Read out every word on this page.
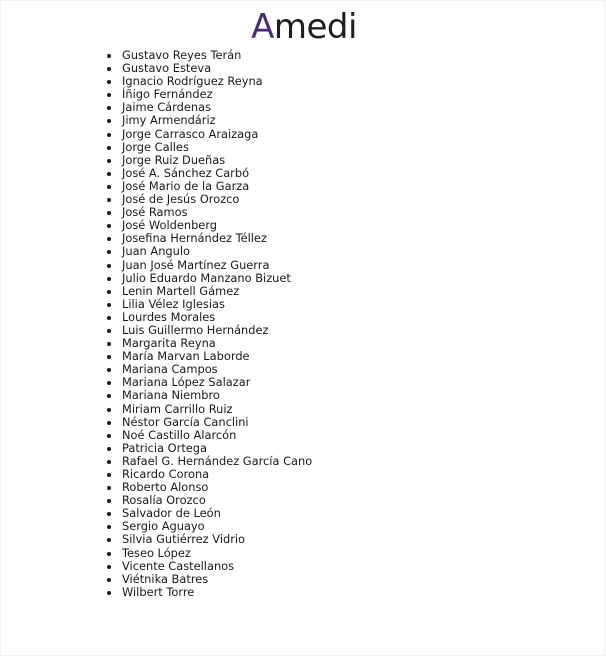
Amedi
Gustavo Reyes Terán
Gustavo Esteva
Ignacio Rodríguez Reyna
Íñigo Fernández
Jaime Cárdenas
Jimy Armendáriz
Jorge Carrasco Araizaga
Jorge Calles
Jorge Ruiz Dueñas
José A. Sánchez Carbó
José Mario de la Garza
José de Jesús Orozco
José Ramos
José Woldenberg
Josefina Hernández Téllez
Juan Angulo
Juan José Martínez Guerra
Julio Eduardo Manzano Bizuet
Lenin Martell Gámez
Lilia Vélez Iglesias
Lourdes Morales
Luis Guillermo Hernández
Margarita Reyna
María Marvan Laborde
Mariana Campos
Mariana López Salazar
Mariana Niembro
Miriam Carrillo Ruiz
Néstor García Canclini
Noé Castillo Alarcón
Patricia Ortega
Rafael G. Hernández García Cano
Ricardo Corona
Roberto Alonso
Rosalía Orozco
Salvador de León
Sergio Aguayo
Silvia Gutiérrez Vidrio
Teseo López
Vicente Castellanos
Viétnika Batres
Wilbert Torre
